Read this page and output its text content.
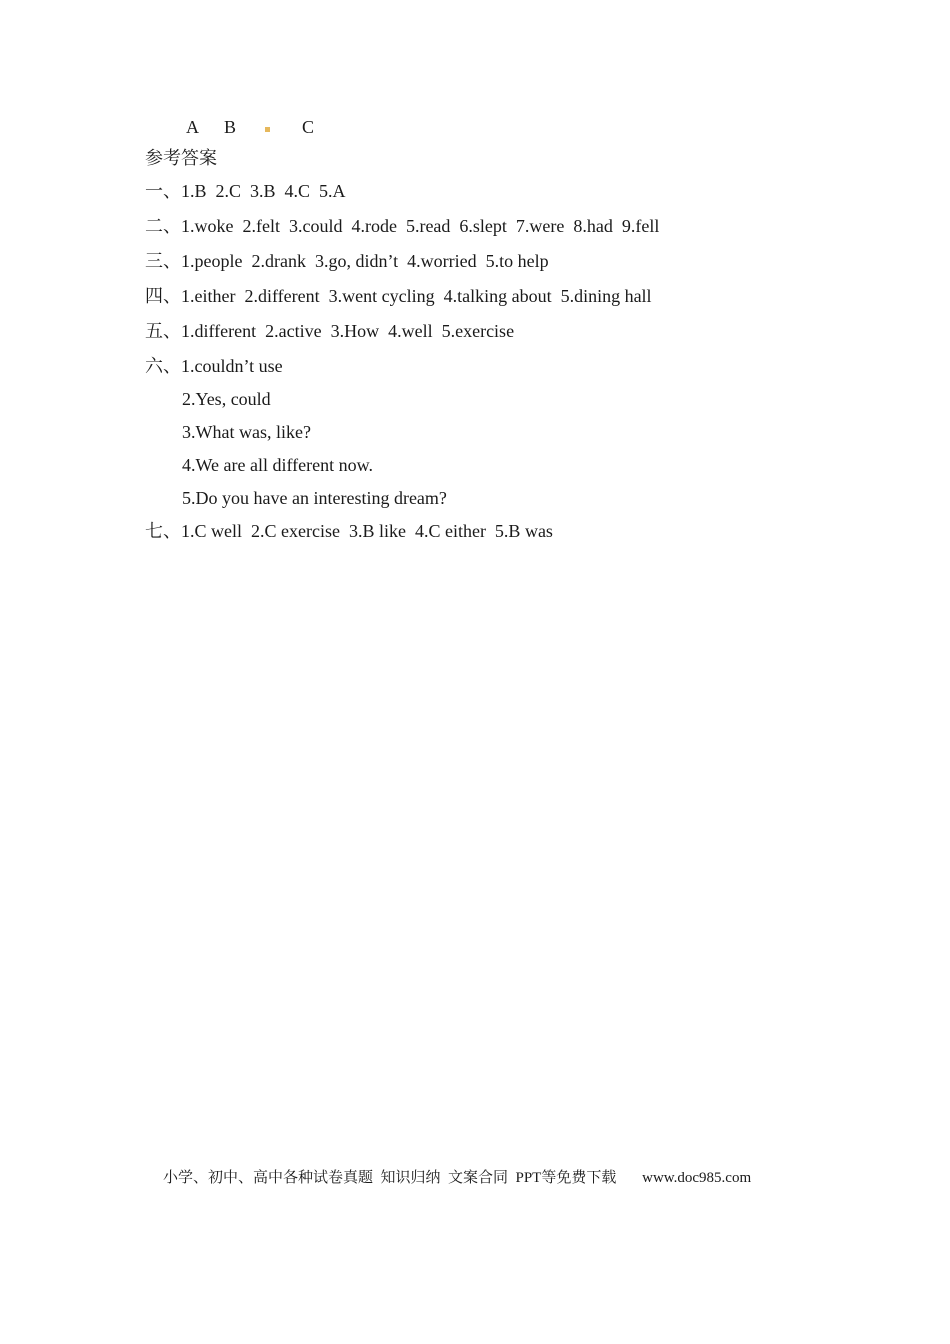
A B	C
参考答案
一、1.B  2.C  3.B  4.C  5.A
二、1.woke  2.felt  3.could  4.rode  5.read  6.slept  7.were  8.had  9.fell
三、1.people  2.drank  3.go, didn’t  4.worried  5.to help
四、1.either  2.different  3.went cycling  4.talking about  5.dining hall
五、1.different  2.active  3.How  4.well  5.exercise
六、1.couldn’t use
2.Yes, could
3.What was, like?
4.We are all different now.
5.Do you have an interesting dream?
七、1.C well  2.C exercise  3.B like  4.C either  5.B was
小学、初中、高中各种试卷真题  知识归纳  文案合同  PPT等免费下载 www.doc985.com
